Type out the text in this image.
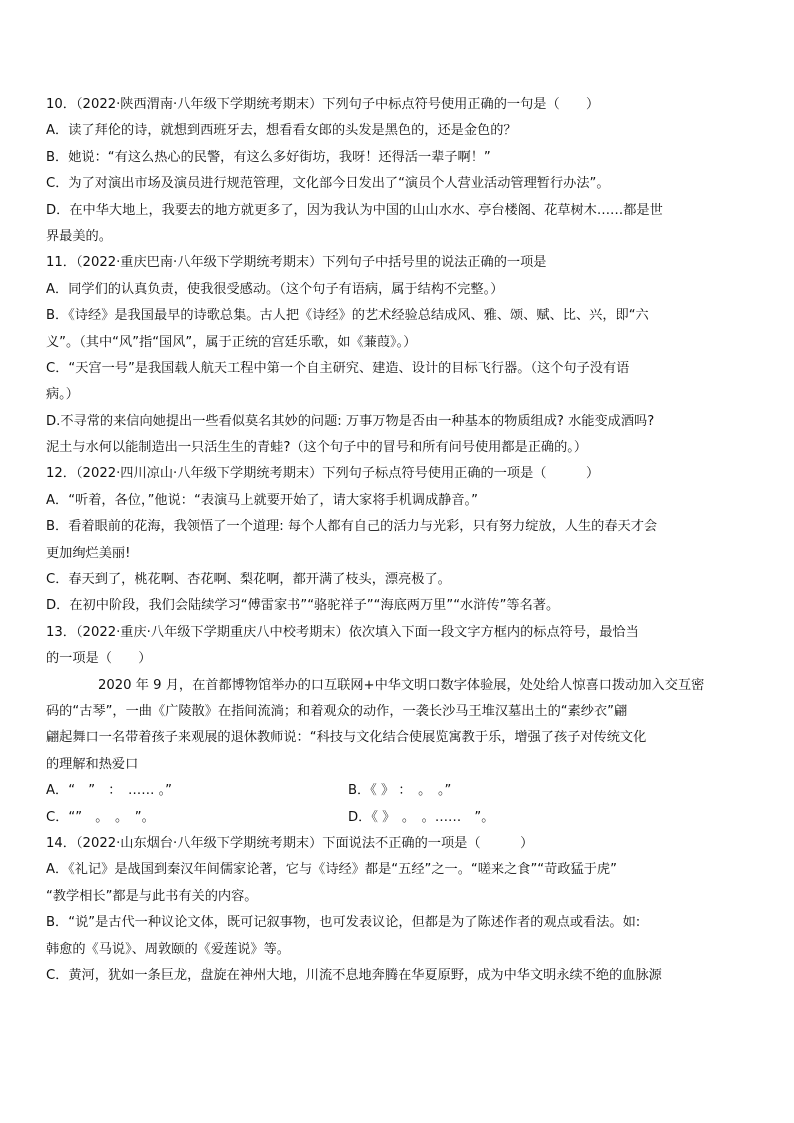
10．（2022·陕西渭南·八年级下学期统考期末）下列句子中标点符号使用正确的一句是（　　）
A．读了拜伦的诗，就想到西班牙去，想看看女郎的头发是黑色的，还是金色的？
B．她说：“有这么热心的民警，有这么多好街坊，我呀！还得活一辈子啊！”
C．为了对演出市场及演员进行规范管理，文化部今日发出了“演员个人营业活动管理暂行办法”。
D．在中华大地上，我要去的地方就更多了，因为我认为中国的山山水水、亭台楼阁、花草树木……都是世
界最美的。
11．（2022·重庆巴南·八年级下学期统考期末）下列句子中括号里的说法正确的一项是
A．同学们的认真负责，使我很受感动。（这个句子有语病，属于结构不完整。）
B．《诗经》是我国最早的诗歌总集。古人把《诗经》的艺术经验总结成风、雅、颂、赋、比、兴，即“六
义”。（其中“风”指“国风”，属于正统的宫廷乐歌，如《蒹葭》。）
C．“天宫一号”是我国载人航天工程中第一个自主研究、建造、设计的目标飞行器。（这个句子没有语
病。）
D.不寻常的来信向她提出一些看似莫名其妙的问题: 万事万物是否由一种基本的物质组成? 水能变成酒吗?
泥土与水何以能制造出一只活生生的青蛙?（这个句子中的冒号和所有问号使用都是正确的。）
12．（2022·四川凉山·八年级下学期统考期末）下列句子标点符号使用正确的一项是（　　　）
A．“听着，各位，”他说：“表演马上就要开始了，请大家将手机调成静音。”
B．看着眼前的花海，我领悟了一个道理: 每个人都有自己的活力与光彩，只有努力绽放，人生的春天才会
更加绚烂美丽!
C．春天到了，桃花啊、杏花啊、梨花啊，都开满了枝头，漂亮极了。
D．在初中阶段，我们会陆续学习“傅雷家书”“骆驼祥子”“海底两万里”“水浒传”等名著。
13．（2022·重庆·八年级下学期重庆八中校考期末）依次填入下面一段文字方框内的标点符号，最恰当
的一项是（　　）
2020 年 9 月，在首都博物馆举办的口互联网+中华文明口数字体验展，处处给人惊喜口拨动加入交互密
码的“古琴”，一曲《广陵散》在指间流淌；和着观众的动作，一袭长沙马王堆汉墓出土的“素纱衣”翩
翩起舞口一名带着孩子来观展的退休教师说：“科技与文化结合使展览寓教于乐，增强了孩子对传统文化
的理解和热爱口
A．“　”　：　…… 。”	B．《 》 ：　。　。”
C．“”　。　。　”。	D．《 》　。　。……　”。
14．（2022·山东烟台·八年级下学期统考期末）下面说法不正确的一项是（　　　）
A．《礼记》是战国到秦汉年间儒家论著，它与《诗经》都是“五经”之一。“嗟来之食”“苛政猛于虎”
“教学相长”都是与此书有关的内容。
B．“说”是古代一种议论文体，既可记叙事物，也可发表议论，但都是为了陈述作者的观点或看法。如:
韩愈的《马说》、周敦颐的《爱莲说》等。
C．黄河，犹如一条巨龙，盘旋在神州大地，川流不息地奔腾在华夏原野，成为中华文明永续不绝的血脉源
